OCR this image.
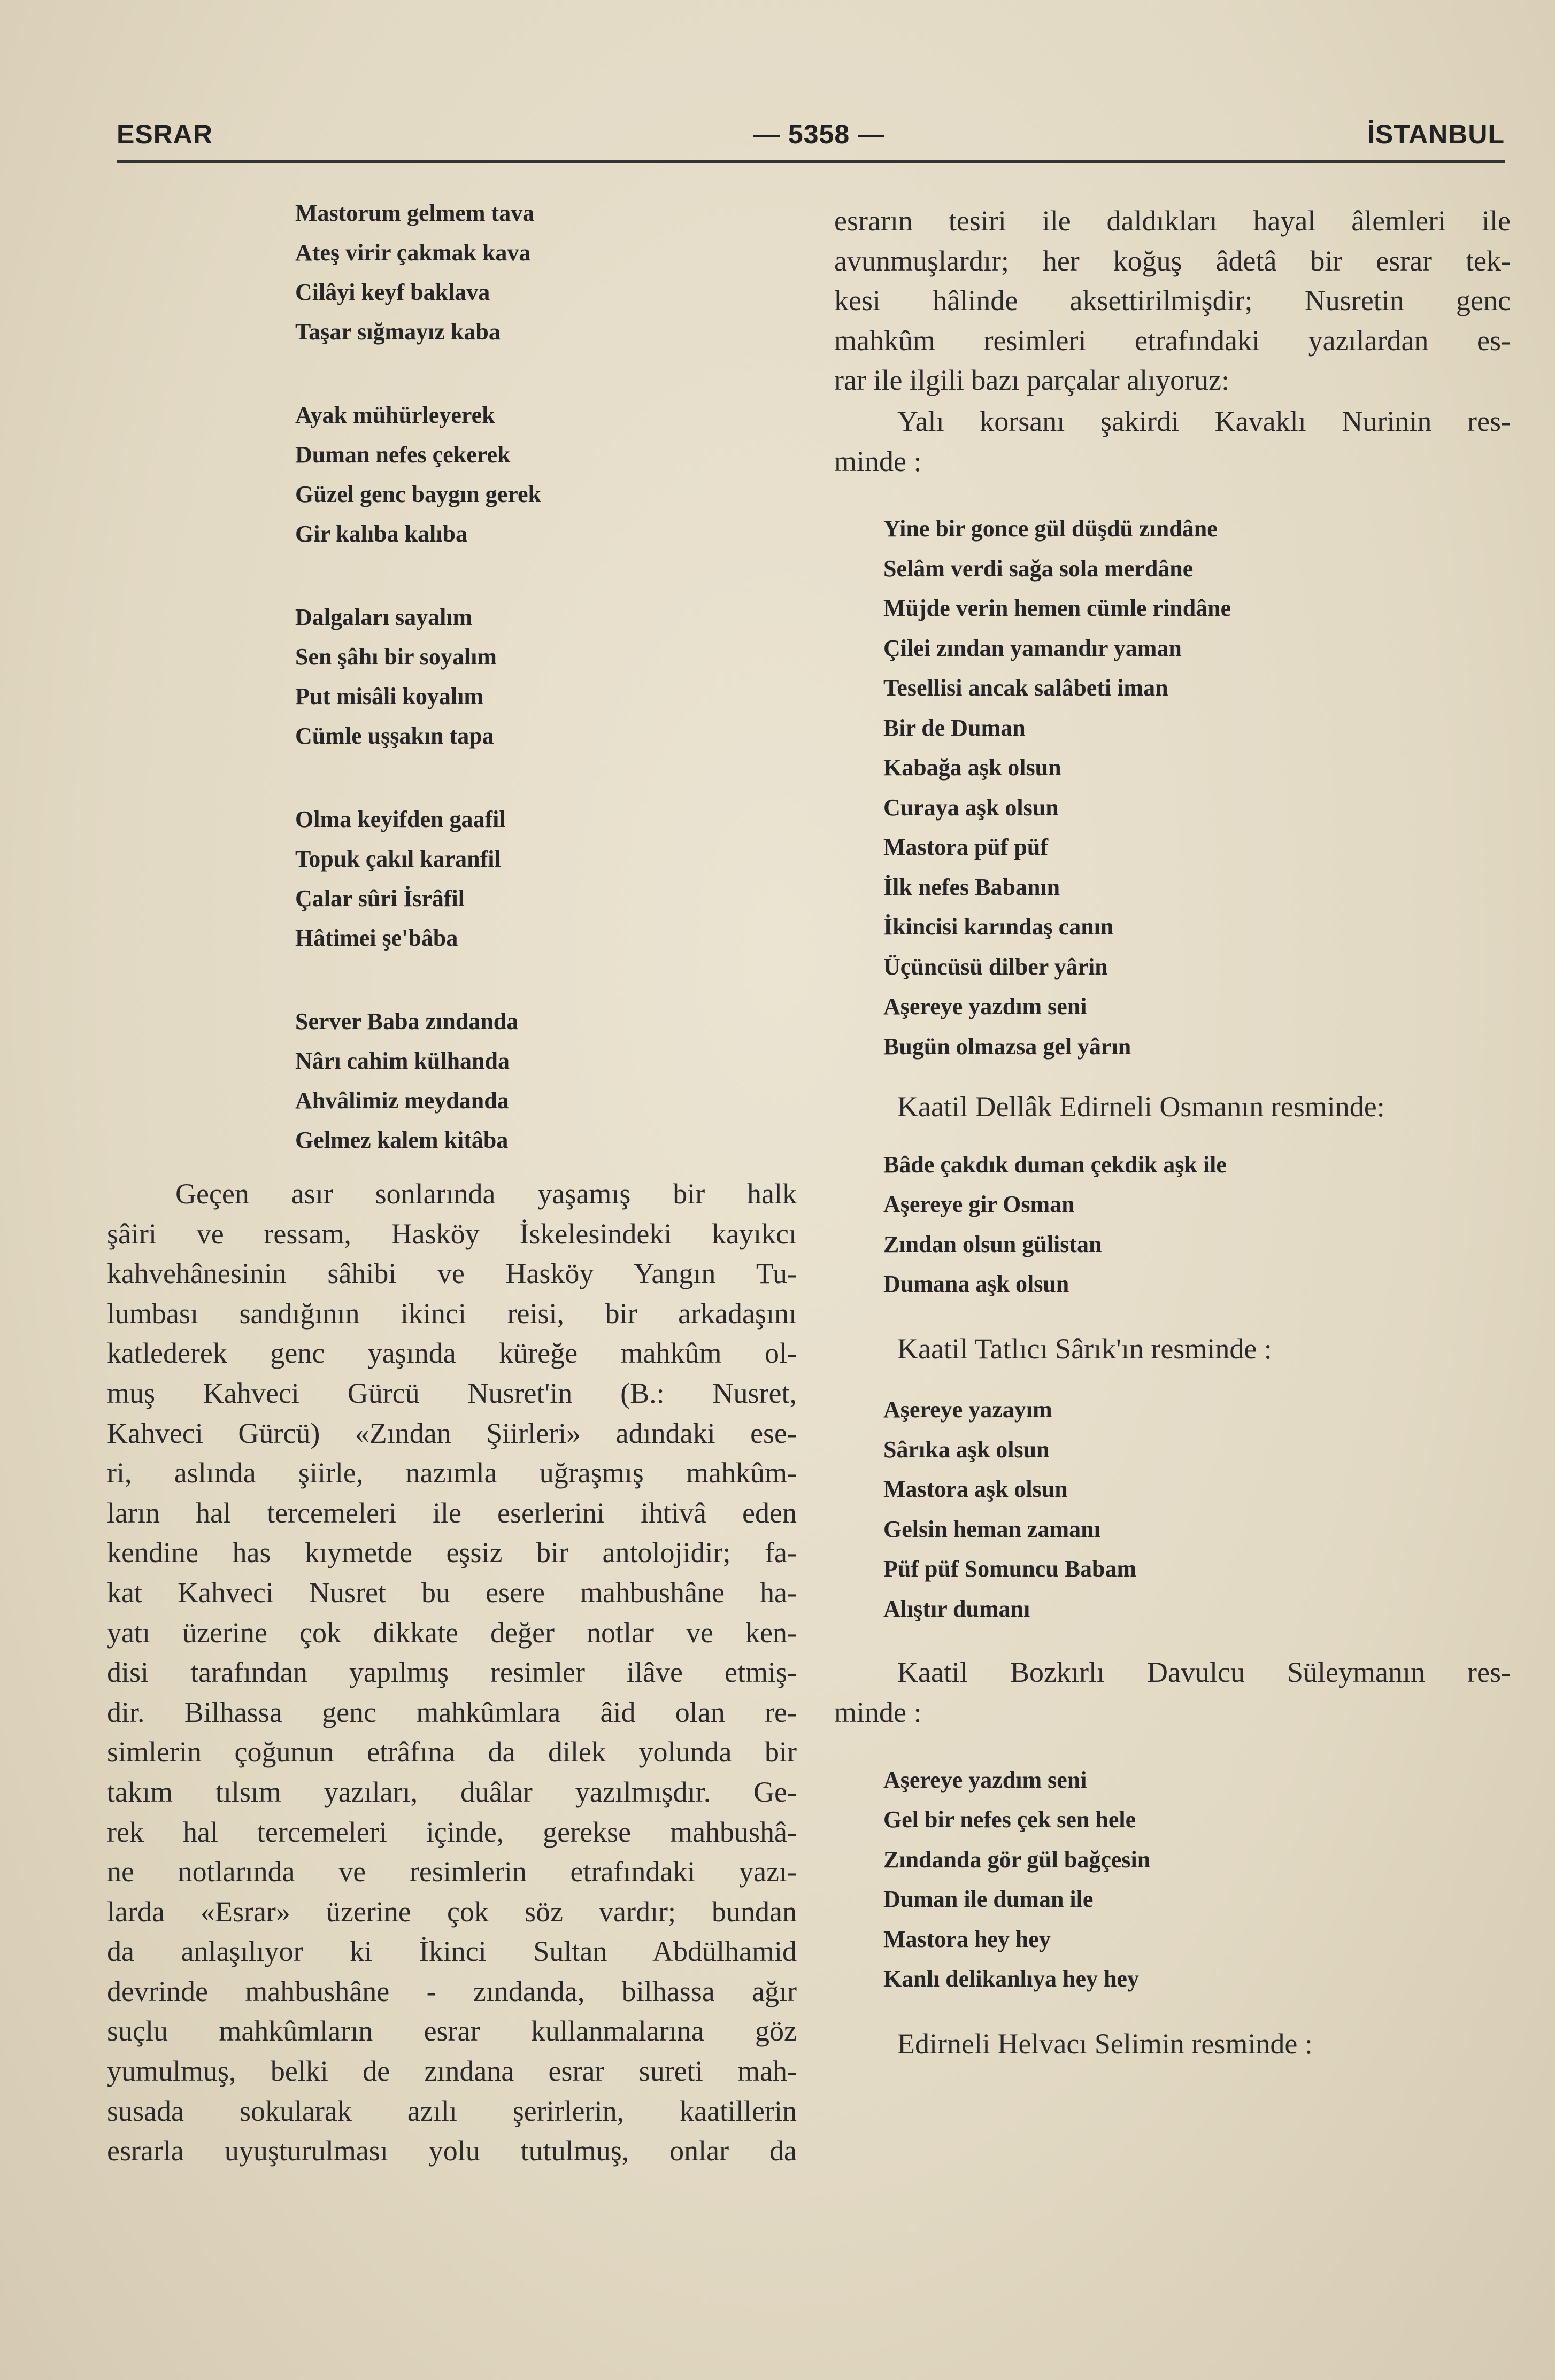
ESRAR	— 5358 —	İSTANBUL
Mastorum gelmem tava
Ateş virir çakmak kava
Cilâyi keyf baklava
Taşar sığmayız kaba
Ayak mühürleyerek
Duman nefes çekerek
Güzel genc baygın gerek
Gir kalıba kalıba
Dalgaları sayalım
Sen şâhı bir soyalım
Put misâli koyalım
Cümle uşşakın tapa
Olma keyifden gaafil
Topuk çakıl karanfil
Çalar sûri İsrâfil
Hâtimei şe'bâba
Server Baba zındanda
Nârı cahim külhanda
Ahvâlimiz meydanda
Gelmez kalem kitâba
Geçen asır sonlarında yaşamış bir halk
şâiri ve ressam, Hasköy İskelesindeki kayıkcı
kahvehânesinin sâhibi ve Hasköy Yangın Tu-
lumbası sandığının ikinci reisi, bir arkadaşını
katlederek genc yaşında küreğe mahkûm ol-
muş Kahveci Gürcü Nusret'in (B.: Nusret,
Kahveci Gürcü) «Zından Şiirleri» adındaki ese-
ri, aslında şiirle, nazımla uğraşmış mahkûm-
ların hal tercemeleri ile eserlerini ihtivâ eden
kendine has kıymetde eşsiz bir antolojidir; fa-
kat Kahveci Nusret bu esere mahbushâne ha-
yatı üzerine çok dikkate değer notlar ve ken-
disi tarafından yapılmış resimler ilâve etmiş-
dir. Bilhassa genc mahkûmlara âid olan re-
simlerin çoğunun etrâfına da dilek yolunda bir
takım tılsım yazıları, duâlar yazılmışdır. Ge-
rek hal tercemeleri içinde, gerekse mahbushâ-
ne notlarında ve resimlerin etrafındaki yazı-
larda «Esrar» üzerine çok söz vardır; bundan
da anlaşılıyor ki İkinci Sultan Abdülhamid
devrinde mahbushâne - zındanda, bilhassa ağır
suçlu mahkûmların esrar kullanmalarına göz
yumulmuş, belki de zındana esrar sureti mah-
susada sokularak azılı şerirlerin, kaatillerin
esrarla uyuşturulması yolu tutulmuş, onlar da
esrarın tesiri ile daldıkları hayal âlemleri ile
avunmuşlardır; her koğuş âdetâ bir esrar tek-
kesi hâlinde aksettirilmişdir; Nusretin genc
mahkûm resimleri etrafındaki yazılardan es-
rar ile ilgili bazı parçalar alıyoruz:
Yalı korsanı şakirdi Kavaklı Nurinin res-
minde :
Yine bir gonce gül düşdü zındâne
Selâm verdi sağa sola merdâne
Müjde verin hemen cümle rindâne
Çilei zından yamandır yaman
Tesellisi ancak salâbeti iman
Bir de Duman
Kabağa aşk olsun
Curaya aşk olsun
Mastora püf püf
İlk nefes Babanın
İkincisi karındaş canın
Üçüncüsü dilber yârin
Aşereye yazdım seni
Bugün olmazsa gel yârın
Kaatil Dellâk Edirneli Osmanın resminde:
Bâde çakdık duman çekdik aşk ile
Aşereye gir Osman
Zından olsun gülistan
Dumana aşk olsun
Kaatil Tatlıcı Sârık'ın resminde :
Aşereye yazayım
Sârıka aşk olsun
Mastora aşk olsun
Gelsin heman zamanı
Püf püf Somuncu Babam
Alıştır dumanı
Kaatil Bozkırlı Davulcu Süleymanın res-
minde :
Aşereye yazdım seni
Gel bir nefes çek sen hele
Zındanda gör gül bağçesin
Duman ile duman ile
Mastora hey hey
Kanlı delikanlıya hey hey
Edirneli Helvacı Selimin resminde :
